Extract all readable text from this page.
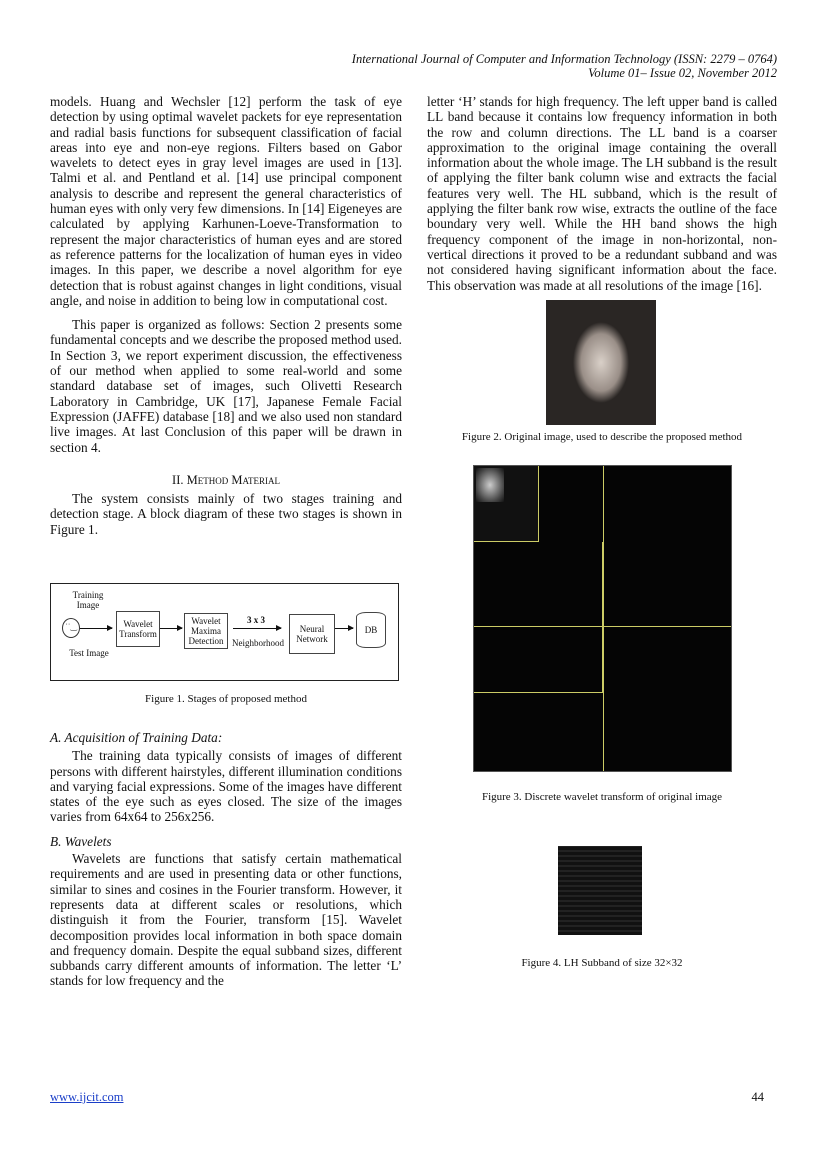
International Journal of Computer and Information Technology (ISSN: 2279 – 0764)
Volume 01– Issue 02, November 2012

models. Huang and Wechsler [12] perform the task of eye detection by using optimal wavelet packets for eye representation and radial basis functions for subsequent classification of facial areas into eye and non-eye regions. Filters based on Gabor wavelets to detect eyes in gray level images are used in [13]. Talmi et al. and Pentland et al. [14] use principal component analysis to describe and represent the general characteristics of human eyes with only very few dimensions. In [14] Eigeneyes are calculated by applying Karhunen-Loeve-Transformation to represent the major characteristics of human eyes and are stored as reference patterns for the localization of human eyes in video images. In this paper, we describe a novel algorithm for eye detection that is robust against changes in light conditions, visual angle, and noise in addition to being low in computational cost.

This paper is organized as follows: Section 2 presents some fundamental concepts and we describe the proposed method used. In Section 3, we report experiment discussion, the effectiveness of our method when applied to some real-world and some standard database set of images, such Olivetti Research Laboratory in Cambridge, UK [17], Japanese Female Facial Expression (JAFFE) database [18] and we also used non standard live images. At last Conclusion of this paper will be drawn in section 4.

II. Method Material

The system consists mainly of two stages training and detection stage. A block diagram of these two stages is shown in Figure 1.

Training Image
˙˙‿
Test Image
Wavelet Transform
Wavelet Maxima Detection
3 x 3
Neighborhood
Neural Network
DB
Figure 1. Stages of proposed method

A. Acquisition of Training Data:

The training data typically consists of images of different persons with different hairstyles, different illumination conditions and varying facial expressions. Some of the images have different states of the eye such as eyes closed. The size of the images varies from 64x64 to 256x256.

B. Wavelets

Wavelets are functions that satisfy certain mathematical requirements and are used in presenting data or other functions, similar to sines and cosines in the Fourier transform. However, it represents data at different scales or resolutions, which distinguish it from the Fourier, transform [15]. Wavelet decomposition provides local information in both space domain and frequency domain. Despite the equal subband sizes, different subbands carry different amounts of information. The letter ‘L’ stands for low frequency and the

letter ‘H’ stands for high frequency. The left upper band is called LL band because it contains low frequency information in both the row and column directions. The LL band is a coarser approximation to the original image containing the overall information about the whole image. The LH subband is the result of applying the filter bank column wise and extracts the facial features very well. The HL subband, which is the result of applying the filter bank row wise, extracts the outline of the face boundary very well. While the HH band shows the high frequency component of the image in non-horizontal, non-vertical directions it proved to be a redundant subband and was not considered having significant information about the face. This observation was made at all resolutions of the image [16].

Figure 2. Original image, used to describe the proposed method
Figure 3. Discrete wavelet transform of original image
Figure 4. LH Subband of size 32×32
www.ijcit.com	44
